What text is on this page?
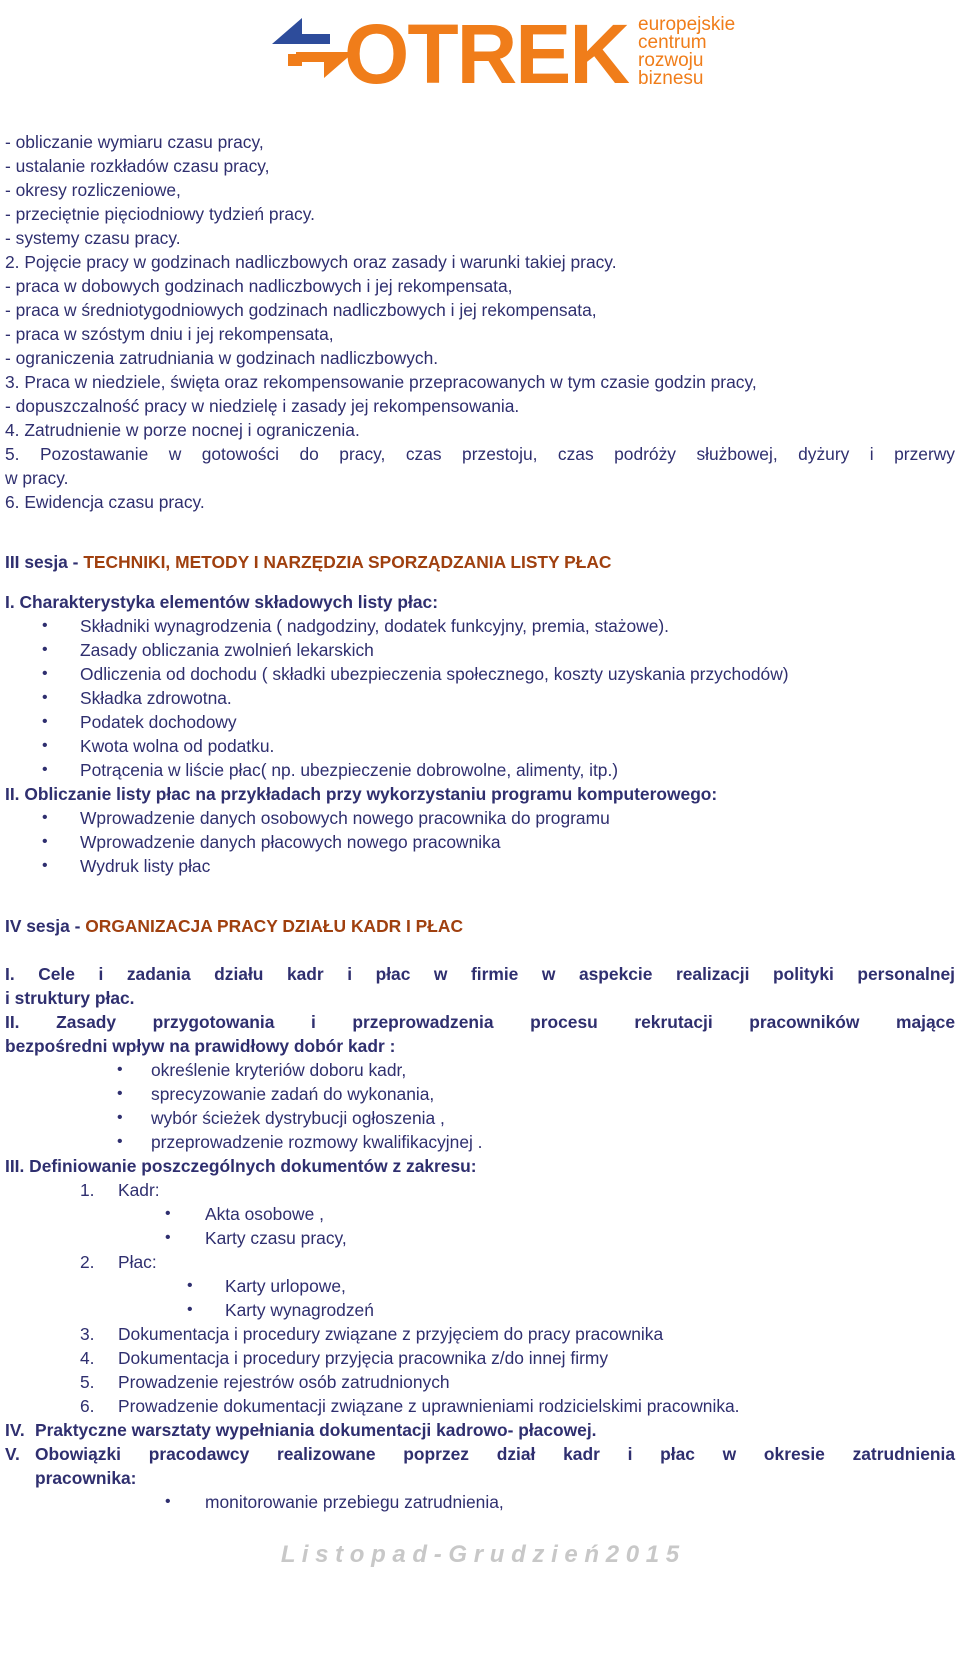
OTREK europejskie
centrum
rozwoju
biznesu
- obliczanie wymiaru czasu pracy,
- ustalanie rozkładów czasu pracy,
- okresy rozliczeniowe,
- przeciętnie pięciodniowy tydzień pracy.
- systemy czasu pracy.
2. Pojęcie pracy w godzinach nadliczbowych oraz zasady i warunki takiej pracy.
- praca w dobowych godzinach nadliczbowych i jej rekompensata,
- praca w średniotygodniowych godzinach nadliczbowych i jej rekompensata,
- praca w szóstym dniu i jej rekompensata,
- ograniczenia zatrudniania w godzinach nadliczbowych.
3. Praca w niedziele, święta oraz rekompensowanie przepracowanych w tym czasie godzin pracy,
- dopuszczalność pracy w niedzielę i zasady jej rekompensowania.
4. Zatrudnienie w porze nocnej i ograniczenia.
5. Pozostawanie w gotowości do pracy, czas przestoju, czas podróży służbowej, dyżury i przerwy
w pracy.
6. Ewidencja czasu pracy.
III sesja - TECHNIKI, METODY I NARZĘDZIA SPORZĄDZANIA LISTY PŁAC
I. Charakterystyka elementów składowych listy płac:
• Składniki wynagrodzenia ( nadgodziny, dodatek funkcyjny, premia, stażowe).
• Zasady obliczania zwolnień lekarskich
• Odliczenia od dochodu ( składki ubezpieczenia społecznego, koszty uzyskania przychodów)
• Składka zdrowotna.
• Podatek dochodowy
• Kwota wolna od podatku.
• Potrącenia w liście płac( np. ubezpieczenie dobrowolne, alimenty, itp.)
II. Obliczanie listy płac na przykładach przy wykorzystaniu programu komputerowego:
• Wprowadzenie danych osobowych nowego pracownika do programu
• Wprowadzenie danych płacowych nowego pracownika
• Wydruk listy płac
IV sesja - ORGANIZACJA PRACY DZIAŁU KADR I PŁAC
I. Cele i zadania działu kadr i płac w firmie w aspekcie realizacji polityki personalnej
i struktury płac.
II. Zasady przygotowania i przeprowadzenia procesu rekrutacji pracowników mające
bezpośredni wpływ na prawidłowy dobór kadr :
• określenie kryteriów doboru kadr,
• sprecyzowanie zadań do wykonania,
• wybór ścieżek dystrybucji ogłoszenia ,
• przeprowadzenie rozmowy kwalifikacyjnej .
III. Definiowanie poszczególnych dokumentów z zakresu:
1. Kadr:
• Akta osobowe ,
• Karty czasu pracy,
2. Płac:
• Karty urlopowe,
• Karty wynagrodzeń
3. Dokumentacja i procedury związane z przyjęciem do pracy pracownika
4. Dokumentacja i procedury przyjęcia pracownika z/do innej firmy
5. Prowadzenie rejestrów osób zatrudnionych
6. Prowadzenie dokumentacji związane z uprawnieniami rodzicielskimi pracownika.
IV. Praktyczne warsztaty wypełniania dokumentacji kadrowo- płacowej.
V. Obowiązki pracodawcy realizowane poprzez dział kadr i płac w okresie zatrudnienia
pracownika:
• monitorowanie przebiegu zatrudnienia,
L i s t o p a d - G r u d z i e ń 2 0 1 5
